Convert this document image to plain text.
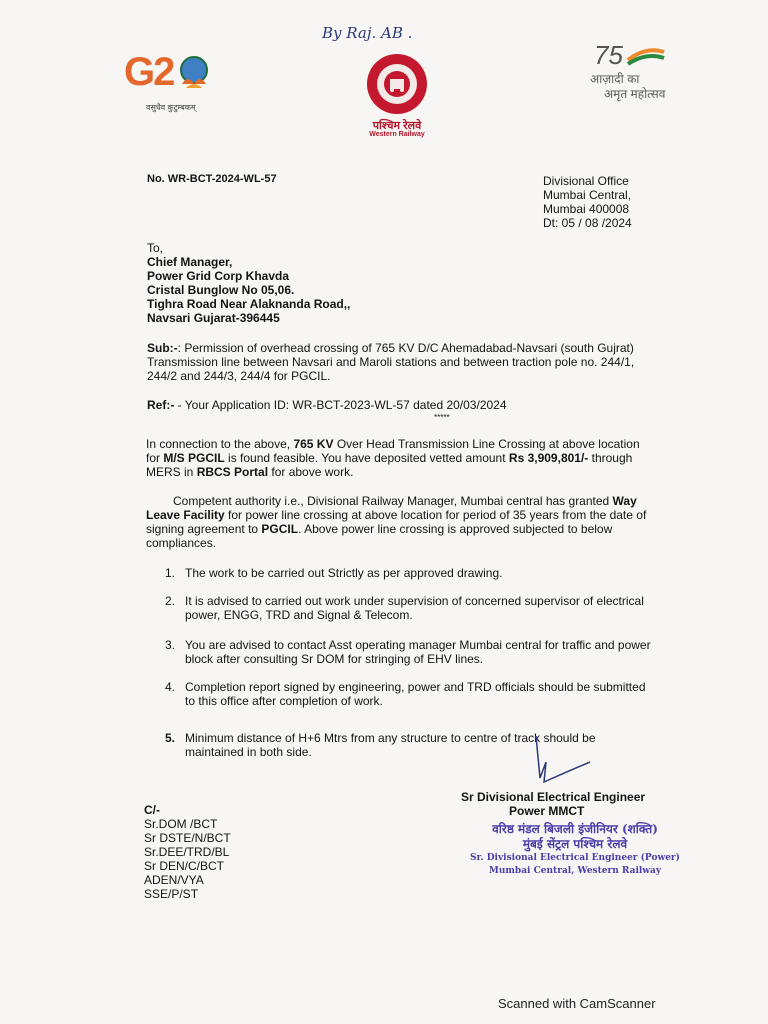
By Raj. AB .
G2
वसुधैव कुटुम्बकम्
पश्चिम रेलवे
Western Railway
75
आज़ादी का
अमृत महोत्सव
No. WR-BCT-2024-WL-57	Divisional Office
Mumbai Central,
Mumbai 400008
Dt: 05 / 08 /2024
To,
Chief Manager,
Power Grid Corp Khavda
Cristal Bunglow No 05,06.
Tighra Road Near Alaknanda Road,,
Navsari Gujarat-396445
Sub:-: Permission of overhead crossing of 765 KV D/C Ahemadabad-Navsari (south Gujrat)
Transmission line between Navsari and Maroli stations and between traction pole no. 244/1,
244/2 and 244/3, 244/4 for PGCIL.
Ref:- - Your Application ID: WR-BCT-2023-WL-57 dated 20/03/2024
*****
In connection to the above, 765 KV Over Head Transmission Line Crossing at above location
for M/S PGCIL is found feasible. You have deposited vetted amount Rs 3,909,801/- through
MERS in RBCS Portal for above work.
Competent authority i.e., Divisional Railway Manager, Mumbai central has granted Way
Leave Facility for power line crossing at above location for period of 35 years from the date of
signing agreement to PGCIL. Above power line crossing is approved subjected to below
compliances.
1. The work to be carried out Strictly as per approved drawing.
2. It is advised to carried out work under supervision of concerned supervisor of electrical
power, ENGG, TRD and Signal & Telecom.
3. You are advised to contact Asst operating manager Mumbai central for traffic and power
block after consulting Sr DOM for stringing of EHV lines.
4. Completion report signed by engineering, power and TRD officials should be submitted
to this office after completion of work.
5. Minimum distance of H+6 Mtrs from any structure to centre of track should be
maintained in both side.
Sr Divisional Electrical Engineer
Power MMCT
वरिष्ठ मंडल बिजली इंजीनियर (शक्ति)
मुंबई सेंट्रल पश्चिम रेलवे
Sr. Divisional Electrical Engineer (Power)
Mumbai Central, Western Railway
C/-
Sr.DOM /BCT
Sr DSTE/N/BCT
Sr.DEE/TRD/BL
Sr DEN/C/BCT
ADEN/VYA
SSE/P/ST
Scanned with CamScanner
